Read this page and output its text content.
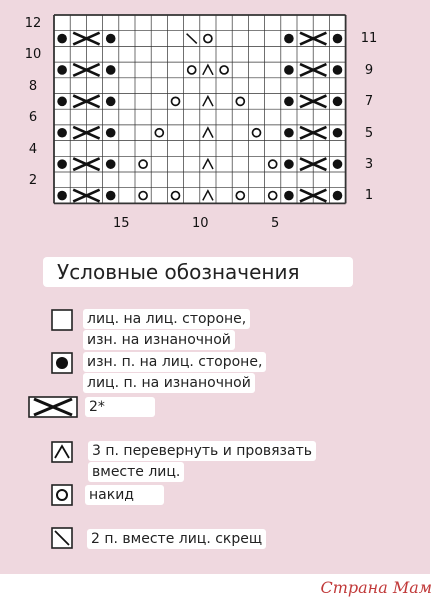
12
10
8
6
4
2
11
9
7
5
3
1
15	10	5
Условные обозначения
лиц. на лиц. стороне,
изн. на изнаночной
изн. п. на лиц. стороне,
лиц. п. на изнаночной
2*
3 п. перевернуть и провязать
вместе лиц.
накид
2 п. вместе лиц. скрещ
Страна Мам
